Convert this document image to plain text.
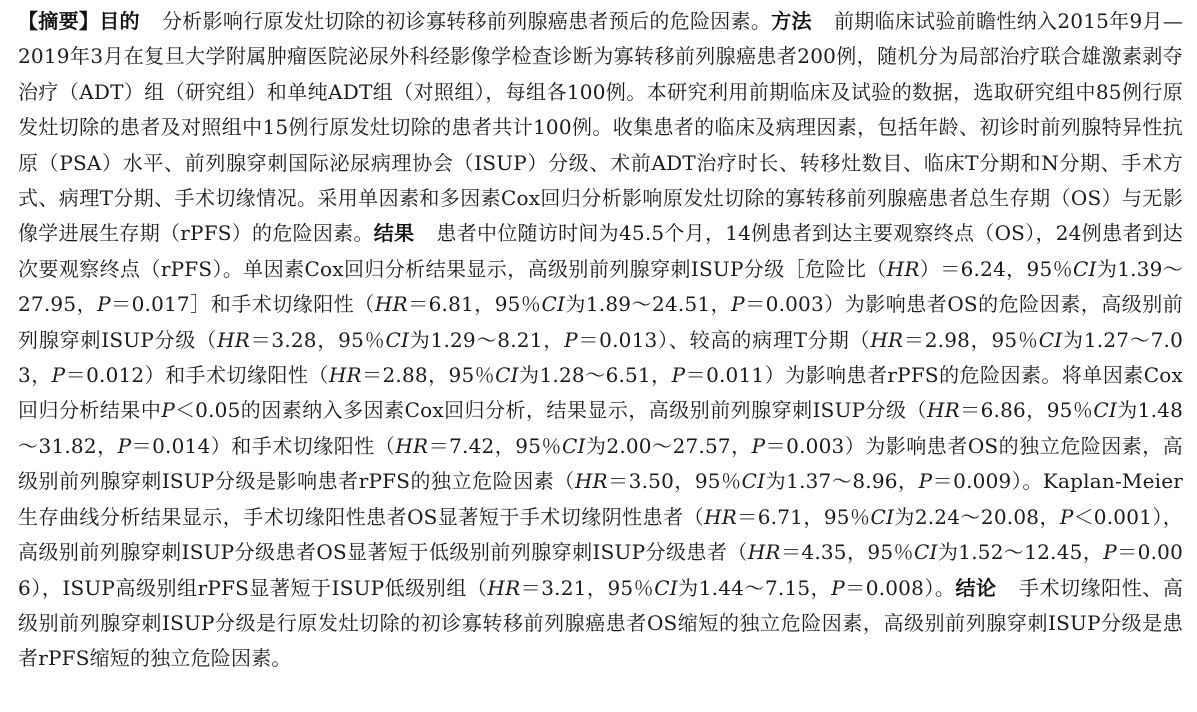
【摘要】目的 分析影响行原发灶切除的初诊寡转移前列腺癌患者预后的危险因素。方法 前期临床试验前瞻性纳入2015年9月—2019年3月在复旦大学附属肿瘤医院泌尿外科经影像学检查诊断为寡转移前列腺癌患者200例，随机分为局部治疗联合雄激素剥夺治疗（ADT）组（研究组）和单纯ADT组（对照组），每组各100例。本研究利用前期临床及试验的数据，选取研究组中85例行原发灶切除的患者及对照组中15例行原发灶切除的患者共计100例。收集患者的临床及病理因素，包括年龄、初诊时前列腺特异性抗原（PSA）水平、前列腺穿刺国际泌尿病理协会（ISUP）分级、术前ADT治疗时长、转移灶数目、临床T分期和N分期、手术方式、病理T分期、手术切缘情况。采用单因素和多因素Cox回归分析影响原发灶切除的寡转移前列腺癌患者总生存期（OS）与无影像学进展生存期（rPFS）的危险因素。结果 患者中位随访时间为45.5个月，14例患者到达主要观察终点（OS），24例患者到达次要观察终点（rPFS）。单因素Cox回归分析结果显示，高级别前列腺穿刺ISUP分级［危险比（HR）＝6.24，95％CI为1.39～27.95，P＝0.017］和手术切缘阳性（HR＝6.81，95％CI为1.89～24.51，P＝0.003）为影响患者OS的危险因素，高级别前列腺穿刺ISUP分级（HR＝3.28，95％CI为1.29～8.21，P＝0.013）、较高的病理T分期（HR＝2.98，95％CI为1.27～7.03，P＝0.012）和手术切缘阳性（HR＝2.88，95％CI为1.28～6.51，P＝0.011）为影响患者rPFS的危险因素。将单因素Cox回归分析结果中P＜0.05的因素纳入多因素Cox回归分析，结果显示，高级别前列腺穿刺ISUP分级（HR＝6.86，95％CI为1.48～31.82，P＝0.014）和手术切缘阳性（HR＝7.42，95％CI为2.00～27.57，P＝0.003）为影响患者OS的独立危险因素，高级别前列腺穿刺ISUP分级是影响患者rPFS的独立危险因素（HR＝3.50，95％CI为1.37～8.96，P＝0.009）。Kaplan-Meier生存曲线分析结果显示，手术切缘阳性患者OS显著短于手术切缘阴性患者（HR＝6.71，95％CI为2.24～20.08，P＜0.001），高级别前列腺穿刺ISUP分级患者OS显著短于低级别前列腺穿刺ISUP分级患者（HR＝4.35，95％CI为1.52～12.45，P＝0.006），ISUP高级别组rPFS显著短于ISUP低级别组（HR＝3.21，95％CI为1.44～7.15，P＝0.008）。结论 手术切缘阳性、高级别前列腺穿刺ISUP分级是行原发灶切除的初诊寡转移前列腺癌患者OS缩短的独立危险因素，高级别前列腺穿刺ISUP分级是患者rPFS缩短的独立危险因素。
